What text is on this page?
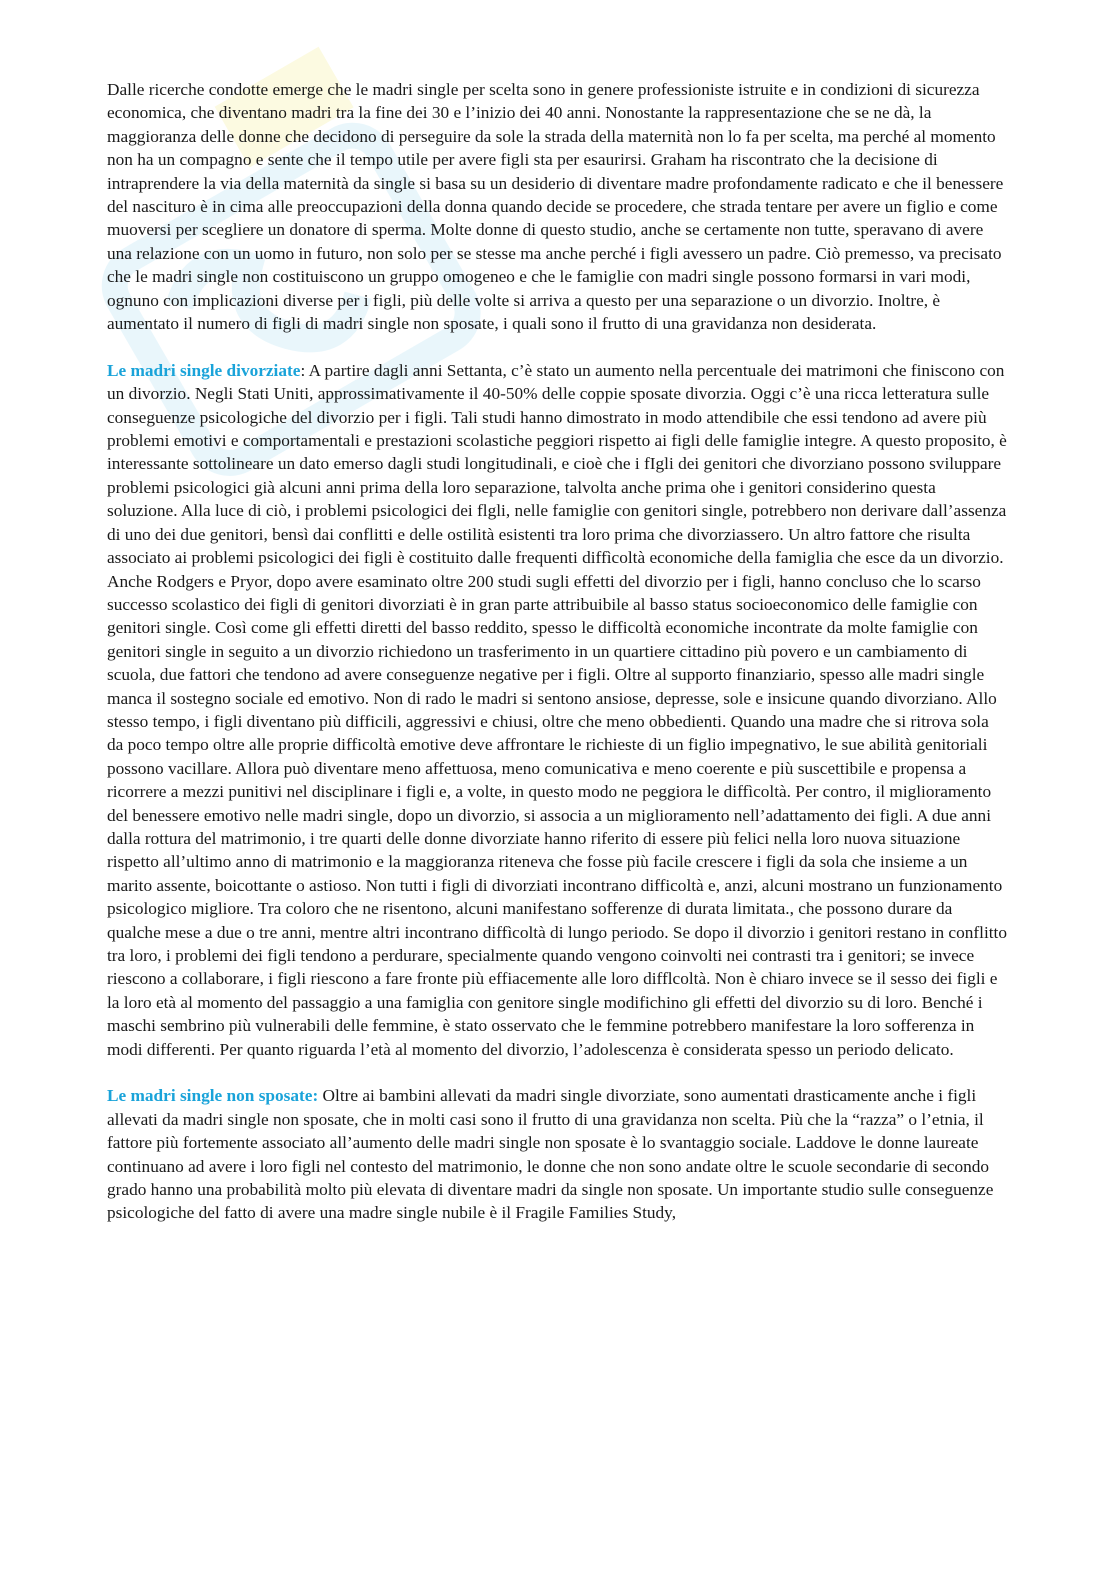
Dalle ricerche condotte emerge che le madri single per scelta sono in genere professioniste istruite e in condizioni di sicurezza economica, che diventano madri tra la fine dei 30 e l’inizio dei 40 anni. Nonostante la rappresentazione che se ne dà, la maggioranza delle donne che decidono di perseguire da sole la strada della maternità non lo fa per scelta, ma perché al momento non ha un compagno e sente che il tempo utile per avere figli sta per esaurirsi. Graham ha riscontrato che la decisione di intraprendere la via della maternità da single si basa su un desiderio di diventare madre profondamente radicato e che il benessere del nascituro è in cima alle preoccupazioni della donna quando decide se procedere, che strada tentare per avere un figlio e come muoversi per scegliere un donatore di sperma. Molte donne di questo studio, anche se certamente non tutte, speravano di avere una relazione con un uomo in futuro, non solo per se stesse ma anche perché i figli avessero un padre. Ciò premesso, va precisato che le madri single non costituiscono un gruppo omogeneo e che le famiglie con madri single possono formarsi in vari modi, ognuno con implicazioni diverse per i figli, più delle volte si arriva a questo per una separazione o un divorzio. Inoltre, è aumentato il numero di figli di madri single non sposate, i quali sono il frutto di una gravidanza non desiderata.

Le madri single divorziate: A partire dagli anni Settanta, c’è stato un aumento nella percentuale dei matrimoni che finiscono con un divorzio. Negli Stati Uniti, approssimativamente il 40-50% delle coppie sposate divorzia. Oggi c’è una ricca letteratura sulle conseguenze psicologiche del divorzio per i figli. Tali studi hanno dimostrato in modo attendibile che essi tendono ad avere più problemi emotivi e comportamentali e prestazioni scolastiche peggiori rispetto ai figli delle famiglie integre. A questo proposito, è interessante sottolineare un dato emerso dagli studi longitudinali, e cioè che i fIgli dei genitori che divorziano possono sviluppare problemi psicologici già alcuni anni prima della loro separazione, talvolta anche prima ohe i genitori considerino questa soluzione. Alla luce di ciò, i problemi psicologici dei flgli, nelle famiglie con genitori single, potrebbero non derivare dall’assenza di uno dei due genitori, bensì dai conflitti e delle ostilità esistenti tra loro prima che divorziassero. Un altro fattore che risulta associato ai problemi psicologici dei figli è costituito dalle frequenti diffìcoltà economiche della famiglia che esce da un divorzio. Anche Rodgers e Pryor, dopo avere esaminato oltre 200 studi sugli effetti del divorzio per i figli, hanno concluso che lo scarso successo scolastico dei figli di genitori divorziati è in gran parte attribuibile al basso status socioeconomico delle famiglie con genitori single. Così come gli effetti diretti del basso reddito, spesso le difficoltà economiche incontrate da molte famiglie con genitori single in seguito a un divorzio richiedono un trasferimento in un quartiere cittadino più povero e un cambiamento di scuola, due fattori che tendono ad avere conseguenze negative per i figli. Oltre al supporto finanziario, spesso alle madri single manca il sostegno sociale ed emotivo. Non di rado le madri si sentono ansiose, depresse, sole e insicune quando divorziano. Allo stesso tempo, i figli diventano più difficili, aggressivi e chiusi, oltre che meno obbedienti. Quando una madre che si ritrova sola da poco tempo oltre alle proprie difficoltà emotive deve affrontare le richieste di un figlio impegnativo, le sue abilità genitoriali possono vacillare. Allora può diventare meno affettuosa, meno comunicativa e meno coerente e più suscettibile e propensa a ricorrere a mezzi punitivi nel disciplinare i figli e, a volte, in questo modo ne peggiora le diffìcoltà. Per contro, il miglioramento del benessere emotivo nelle madri single, dopo un divorzio, si associa a un miglioramento nell’adattamento dei figli. A due anni dalla rottura del matrimonio, i tre quarti delle donne divorziate hanno riferito di essere più felici nella loro nuova situazione rispetto all’ultimo anno di matrimonio e la maggioranza riteneva che fosse più facile crescere i figli da sola che insieme a un marito assente, boicottante o astioso. Non tutti i figli di divorziati incontrano difficoltà e, anzi, alcuni mostrano un funzionamento psicologico migliore. Tra coloro che ne risentono, alcuni manifestano sofferenze di durata limitata., che possono durare da qualche mese a due o tre anni, mentre altri incontrano diffìcoltà di lungo periodo. Se dopo il divorzio i genitori restano in conflitto tra loro, i problemi dei figli tendono a perdurare, specialmente quando vengono coinvolti nei contrasti tra i genitori; se invece riescono a collaborare, i figli riescono a fare fronte più effiacemente alle loro difflcoltà. Non è chiaro invece se il sesso dei figli e la loro età al momento del passaggio a una famiglia con genitore single modifichino gli effetti del divorzio su di loro. Benché i maschi sembrino più vulnerabili delle femmine, è stato osservato che le femmine potrebbero manifestare la loro sofferenza in modi differenti. Per quanto riguarda l’età al momento del divorzio, l’adolescenza è considerata spesso un periodo delicato.

Le madri single non sposate: Oltre ai bambini allevati da madri single divorziate, sono aumentati drasticamente anche i figli allevati da madri single non sposate, che in molti casi sono il frutto di una gravidanza non scelta. Più che la “razza” o l’etnia, il fattore più fortemente associato all’aumento delle madri single non sposate è lo svantaggio sociale. Laddove le donne laureate continuano ad avere i loro figli nel contesto del matrimonio, le donne che non sono andate oltre le scuole secondarie di secondo grado hanno una probabilità molto più elevata di diventare madri da single non sposate. Un importante studio sulle conseguenze psicologiche del fatto di avere una madre single nubile è il Fragile Families Study,
